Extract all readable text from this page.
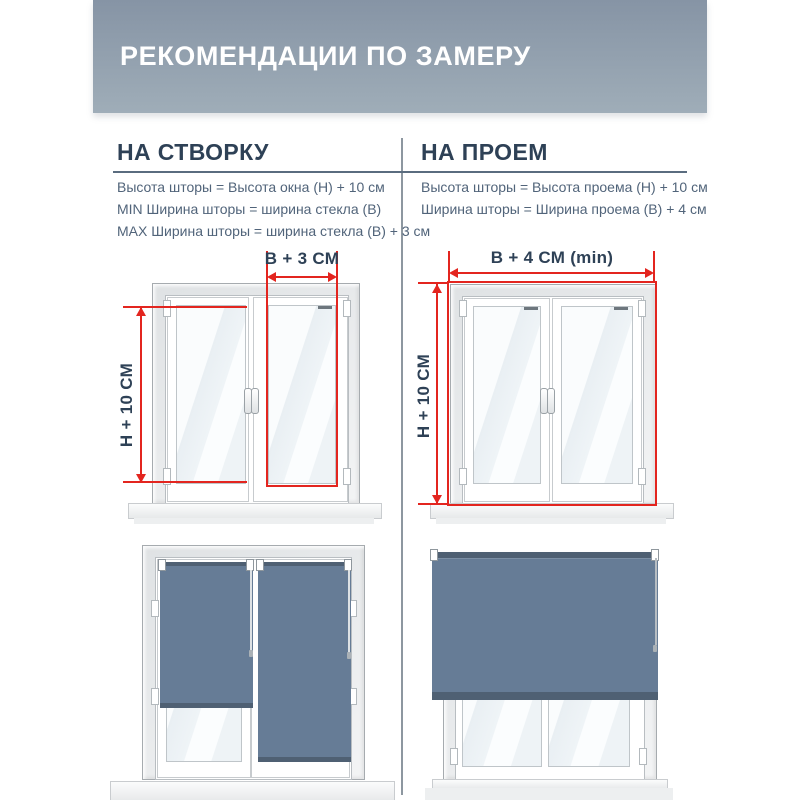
РЕКОМЕНДАЦИИ ПО ЗАМЕРУ
НА СТВОРКУ
Высота шторы = Высота окна (Н) + 10 см
MIN Ширина шторы = ширина стекла (В)
MAX Ширина шторы = ширина стекла (В) + 3 см
НА ПРОЕМ
Высота шторы = Высота проема (Н) + 10 см
Ширина шторы = Ширина проема (В) + 4 см
В + 3 СМ
Н + 10 СМ
В + 4 СМ (min)
Н + 10 СМ
